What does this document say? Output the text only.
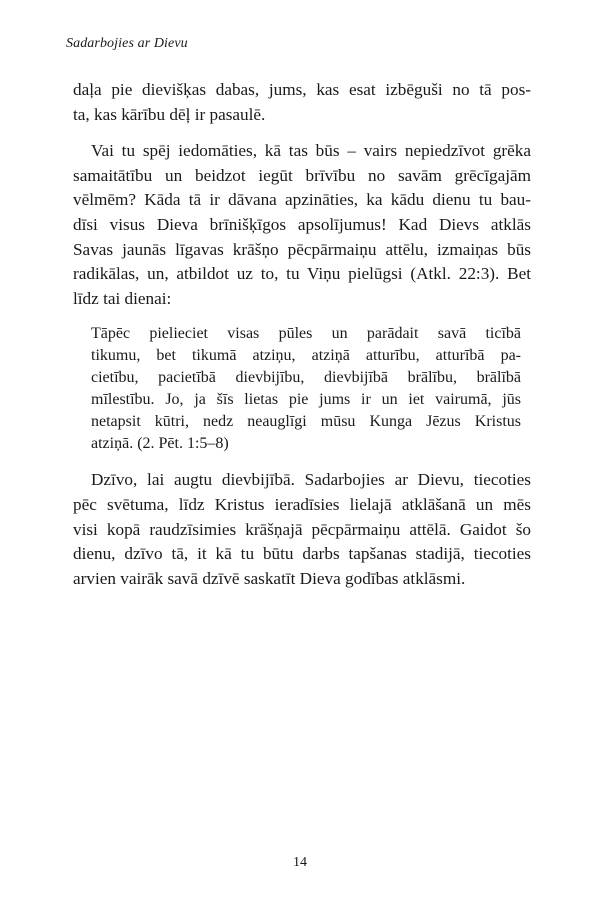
Sadarbojies ar Dievu
daļa pie dievišķas dabas, jums, kas esat izbēguši no tā pos-
ta, kas kārību dēļ ir pasaulē.
Vai tu spēj iedomāties, kā tas būs – vairs nepiedzīvot grēka
samaitātību un beidzot iegūt brīvību no savām grēcīgajām
vēlmēm? Kāda tā ir dāvana apzināties, ka kādu dienu tu bau-
dīsi visus Dieva brīnišķīgos apsolījumus! Kad Dievs atklās
Savas jaunās līgavas krāšņo pēcpārmaiņu attēlu, izmaiņas būs
radikālas, un, atbildot uz to, tu Viņu pielūgsi (Atkl. 22:3). Bet
līdz tai dienai:
Tāpēc pielieciet visas pūles un parādait savā ticībā
tikumu, bet tikumā atziņu, atziņā atturību, atturībā pa-
cietību, pacietībā dievbijību, dievbijībā brālību, brālībā
mīlestību. Jo, ja šīs lietas pie jums ir un iet vairumā, jūs
netapsit kūtri, nedz neauglīgi mūsu Kunga Jēzus Kristus
atziņā. (2. Pēt. 1:5–8)
Dzīvo, lai augtu dievbijībā. Sadarbojies ar Dievu, tiecoties
pēc svētuma, līdz Kristus ieradīsies lielajā atklāšanā un mēs
visi kopā raudzīsimies krāšņajā pēcpārmaiņu attēlā. Gaidot šo
dienu, dzīvo tā, it kā tu būtu darbs tapšanas stadijā, tiecoties
arvien vairāk savā dzīvē saskatīt Dieva godības atklāsmi.
14
